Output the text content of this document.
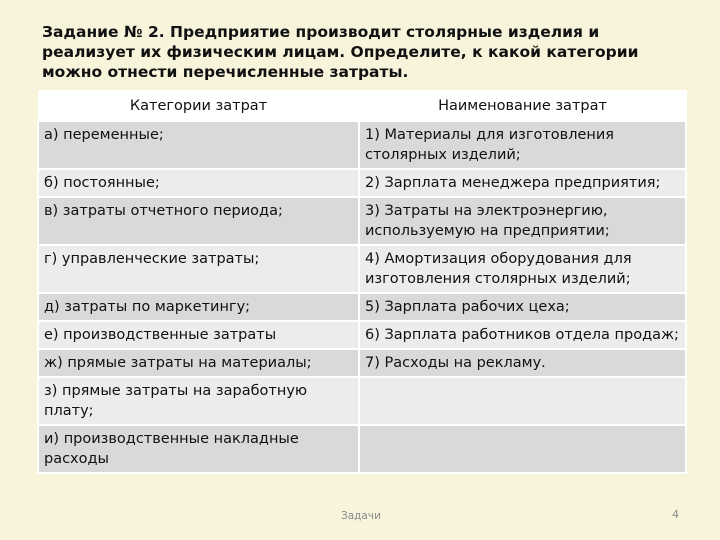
Задание № 2. Предприятие производит столярные изделия и реализует их физическим лицам. Определите, к какой категории можно отнести перечисленные затраты.

Категории затрат	Наименование затрат
а) переменные;	1) Материалы для изготовления столярных изделий;
б) постоянные;	2) Зарплата менеджера предприятия;
в) затраты отчетного периода;	3) Затраты на электроэнергию, используемую на предприятии;
г) управленческие затраты;	4) Амортизация оборудования для изготовления столярных изделий;
д) затраты по маркетингу;	5) Зарплата рабочих цеха;
е) производственные затраты	6) Зарплата работников отдела продаж;
ж) прямые затраты на материалы;	7) Расходы на рекламу.
з) прямые затраты на заработную плату;	
и) производственные накладные расходы	
Задачи	4
